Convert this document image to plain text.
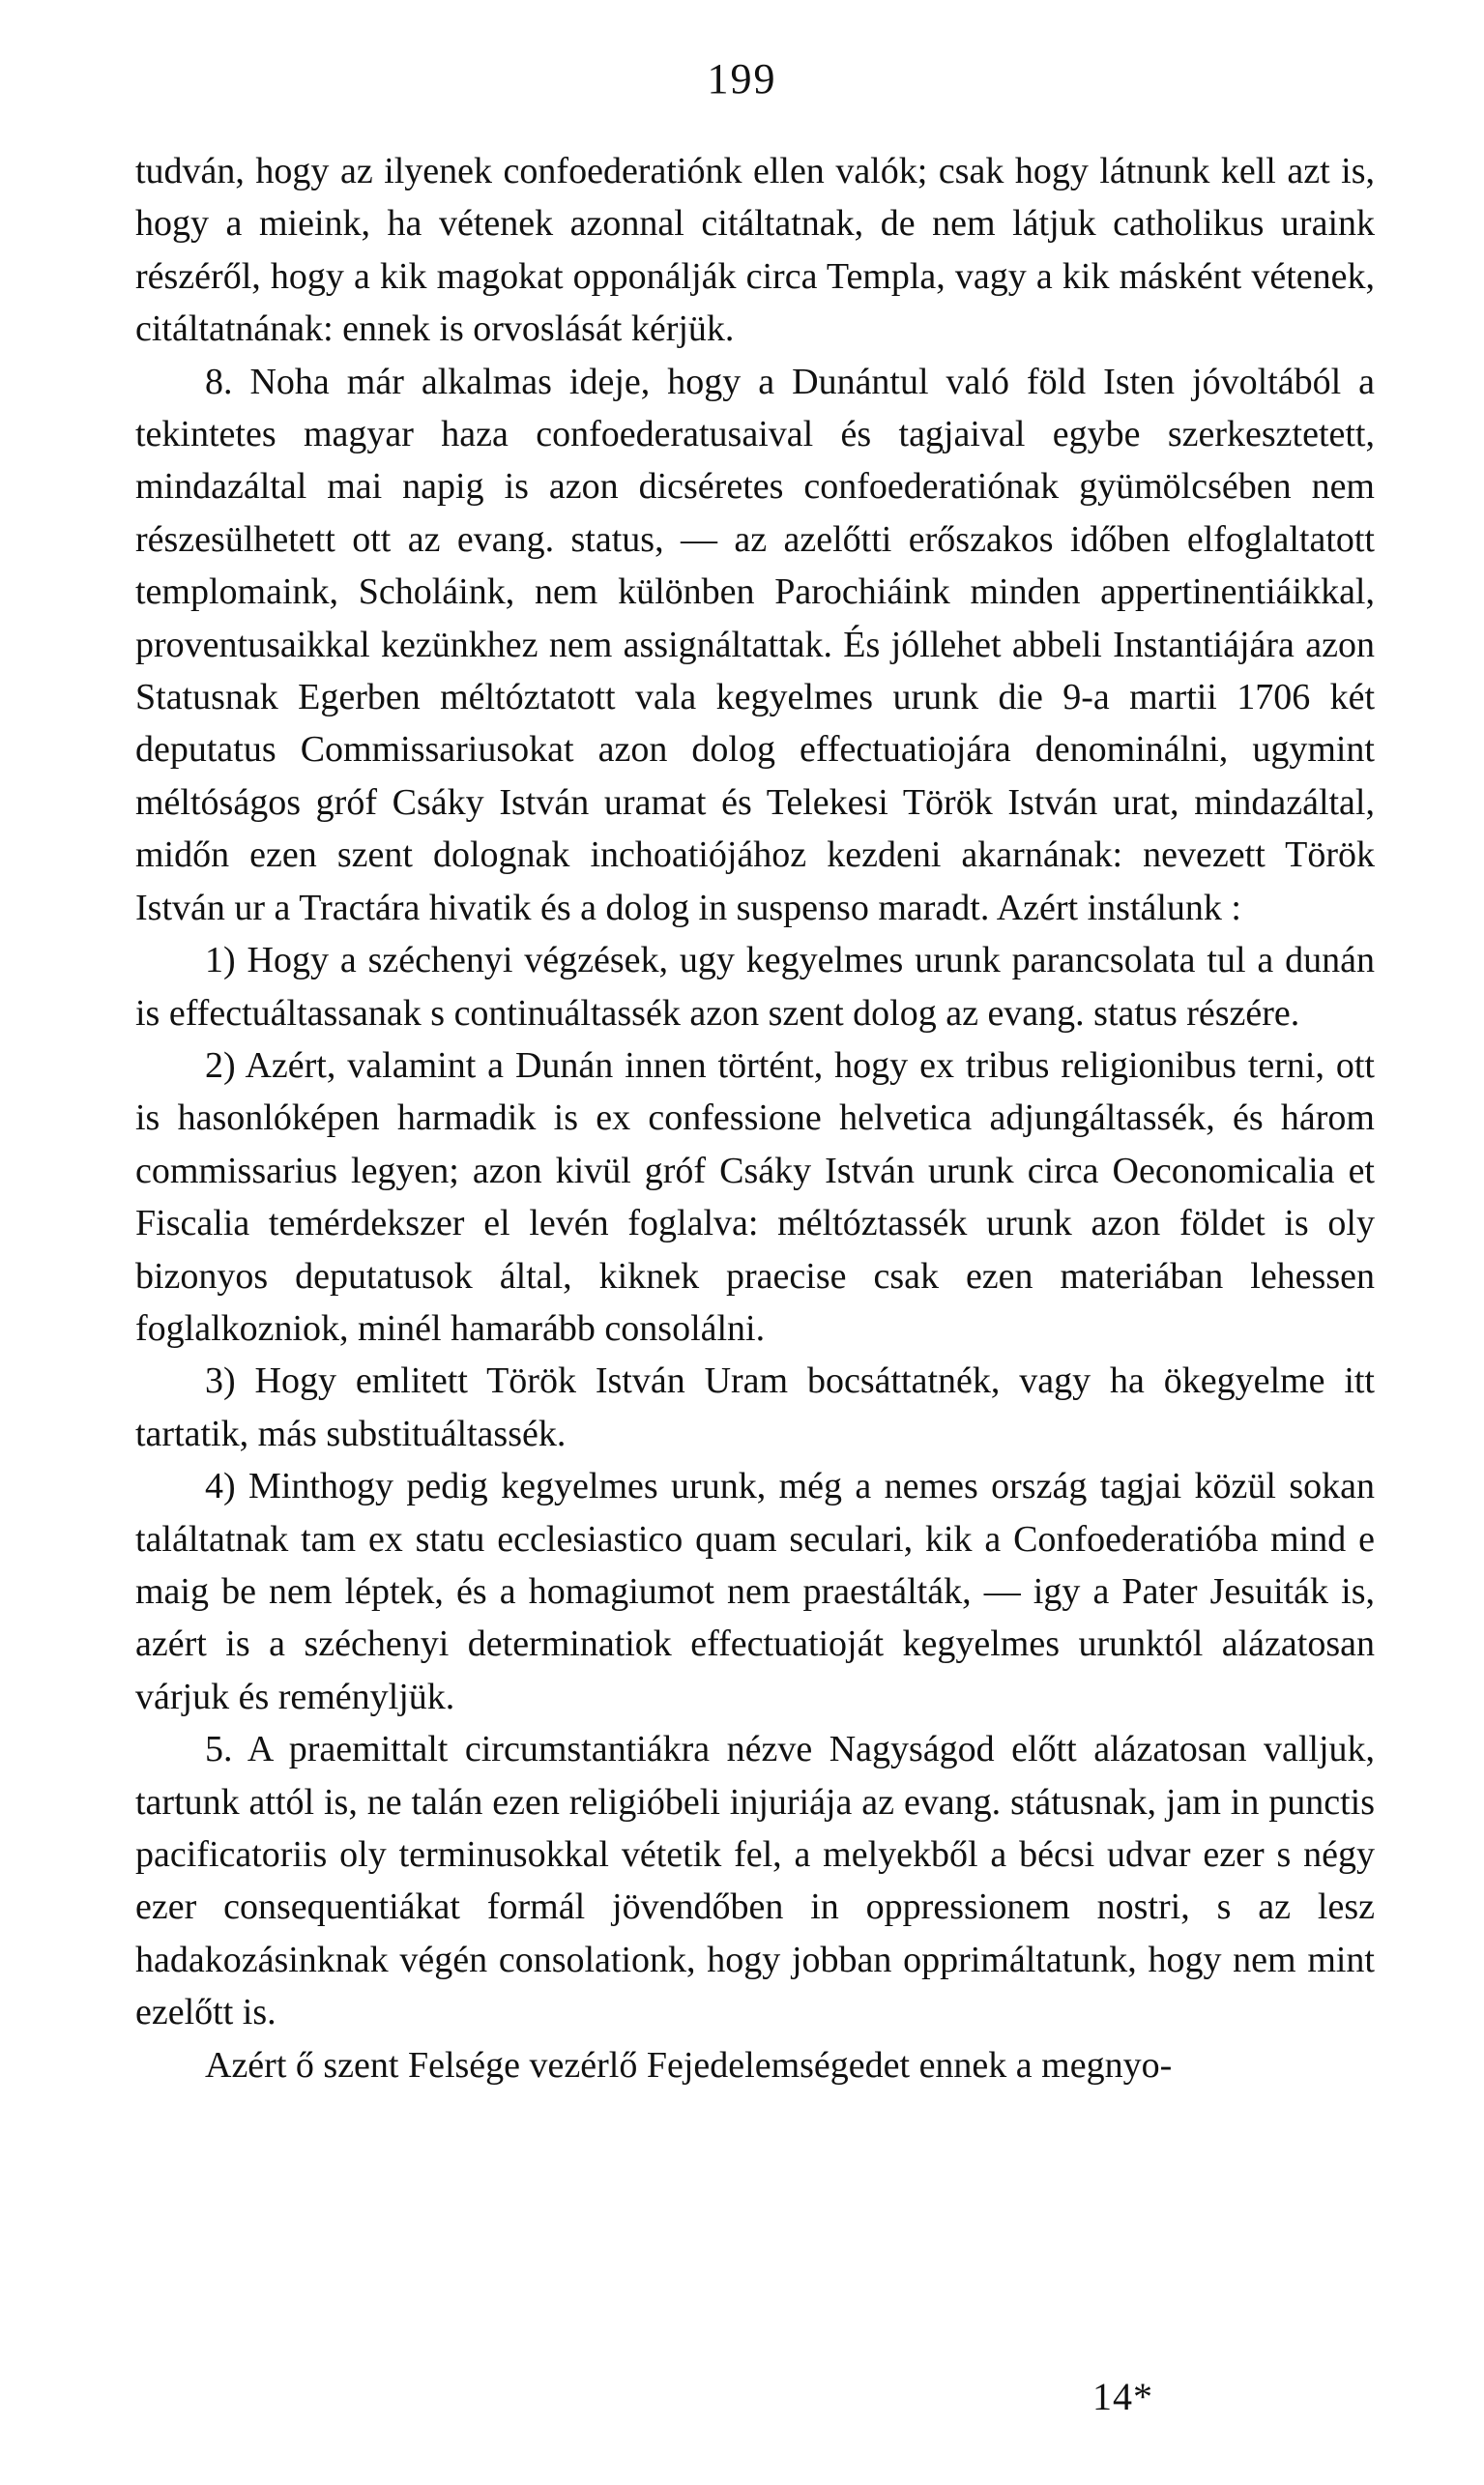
199

tudván, hogy az ilyenek confoederatiónk ellen valók; csak hogy látnunk kell azt is, hogy a mieink, ha vétenek azonnal citáltatnak, de nem látjuk catholikus uraink részéről, hogy a kik magokat opponálják circa Templa, vagy a kik másként vétenek, citáltatnának: ennek is orvoslását kérjük.

8. Noha már alkalmas ideje, hogy a Dunántul való föld Isten jóvoltából a tekintetes magyar haza confoederatusaival és tagjaival egybe szerkesztetett, mindazáltal mai napig is azon dicséretes confoederatiónak gyümölcsében nem részesülhetett ott az evang. status, — az azelőtti erőszakos időben elfoglaltatott templomaink, Scholáink, nem különben Parochiáink minden appertinentiáikkal, proventusaikkal kezünkhez nem assignáltattak. És jóllehet abbeli Instantiájára azon Statusnak Egerben méltóztatott vala kegyelmes urunk die 9-a martii 1706 két deputatus Commissariusokat azon dolog effectuatiojára denominálni, ugymint méltóságos gróf Csáky István uramat és Telekesi Török István urat, mindazáltal, midőn ezen szent dolognak inchoatiójához kezdeni akarnának: nevezett Török István ur a Tractára hivatik és a dolog in suspenso maradt. Azért instálunk :

1) Hogy a széchenyi végzések, ugy kegyelmes urunk parancsolata tul a dunán is effectuáltassanak s continuáltassék azon szent dolog az evang. status részére.

2) Azért, valamint a Dunán innen történt, hogy ex tribus religionibus terni, ott is hasonlóképen harmadik is ex confessione helvetica adjungáltassék, és három commissarius legyen; azon kivül gróf Csáky István urunk circa Oeconomicalia et Fiscalia temérdekszer el levén foglalva: méltóztassék urunk azon földet is oly bizonyos deputatusok által, kiknek praecise csak ezen materiában lehessen foglalkozniok, minél hamarább consolálni.

3) Hogy emlitett Török István Uram bocsáttatnék, vagy ha ökegyelme itt tartatik, más substituáltassék.

4) Minthogy pedig kegyelmes urunk, még a nemes ország tagjai közül sokan találtatnak tam ex statu ecclesiastico quam seculari, kik a Confoederatióba mind e maig be nem léptek, és a homagiumot nem praestálták, — igy a Pater Jesuiták is, azért is a széchenyi determinatiok effectuatioját kegyelmes urunktól alázatosan várjuk és reménylјük.

5. A praemittalt circumstantiákra nézve Nagyságod előtt alázatosan valljuk, tartunk attól is, ne talán ezen religióbeli injuriája az evang. státusnak, jam in punctis pacificatoriis oly terminusokkal vétetik fel, a melyekből a bécsi udvar ezer s négy ezer consequentiákat formál jövendőben in oppressionem nostri, s az lesz hadakozásinknak végén consolationk, hogy jobban opprimáltatunk, hogy nem mint ezelőtt is.

Azért ő szent Felsége vezérlő Fejedelemségedet ennek a megnyo-

14*
